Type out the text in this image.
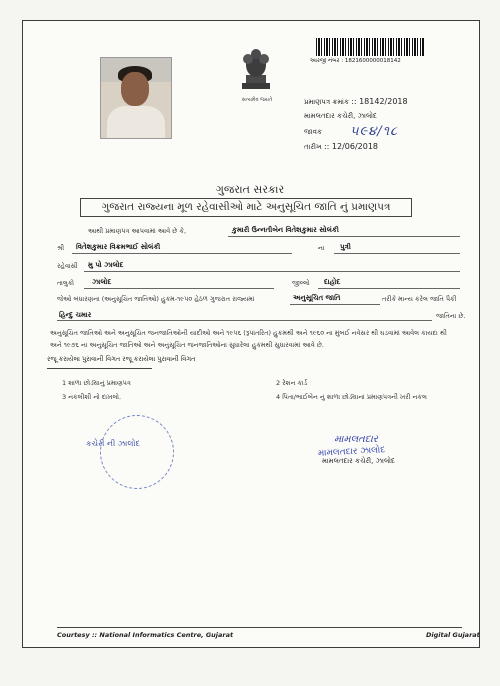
સત્યમેવ જયતે
આરજી નંબર : 1821600000018142
પ્રમાણપત્ર ક્રમાંક :: 18142/2018
મામલતદાર કચેરી, ઝાલોદ
જાવક ૫૯૪/૧૮
તારીખ :: 12/06/2018
ગુજરાત સરકાર
ગુજરાત રાજ્યના મૂળ રહેવાસીઓ માટે અનુસૂચિત જાતિ નું પ્રમાણપત્ર
આથી પ્રમાણપત્ર આપવામાં આવે છે કે,	કુમારી ઉન્નતીબેન વિતેશકુમાર સોલંકી
શ્રી વિતેશકુમાર વિક્રમભાઈ સોલંકી	ના પુત્રી
રહેવાસી મુ પો ઝાલોદ
તાલુકો	ઝાલોદ	જીલ્લો દાહોદ
જેઓ બંધારણના (અનુસૂચિત જાતિઓ) હુકમ-૧૯૫૦ હેઠળ ગુજરાત રાજ્યમાં	અનુસૂચિત જાતિ	તરીકે માન્ય કરેલ જાતિ પૈકી
હિન્દુ ચમાર	જાતિના છે.
અનુસૂચિત જાતિઓ અને અનુસૂચિત જનજાતિઓની યાદીઓ અને ૧૯૫૬ (રૂપાંતરિત) હુકમથી અને ૧૯૬૦ ના મુંબઈ નવેસર થી ઘડવામાં આવેલ કાયદા થી અને ૧૯૭૬ ના અનુસૂચિત જાતિઓ અને અનુસૂચિત જનજાતિઓના સુધારેલા હુકમથી સુધારવામાં આવે છે.
રજૂ કરાયેલા પુરાવાની વિગત રજૂ કરાયેલા પુરાવાની વિગત
1 શાળા છોડ્યાનું પ્રમાણપત્ર	2 રેશન કાર્ડ
3 નકલીશી નો દાખલો.	4 પિતા/ભાઈબેન નું શાળા છોડ્યાનાં પ્રમાણપત્રની ખરી નકલ
કચેરી ની ઝાલોદ	મામલતદાર
મામલતદાર ઝાલોદ
મામલતદાર કચેરી, ઝાલોદ
Courtesy :: National Informatics Centre, Gujarat	Digital Gujarat
